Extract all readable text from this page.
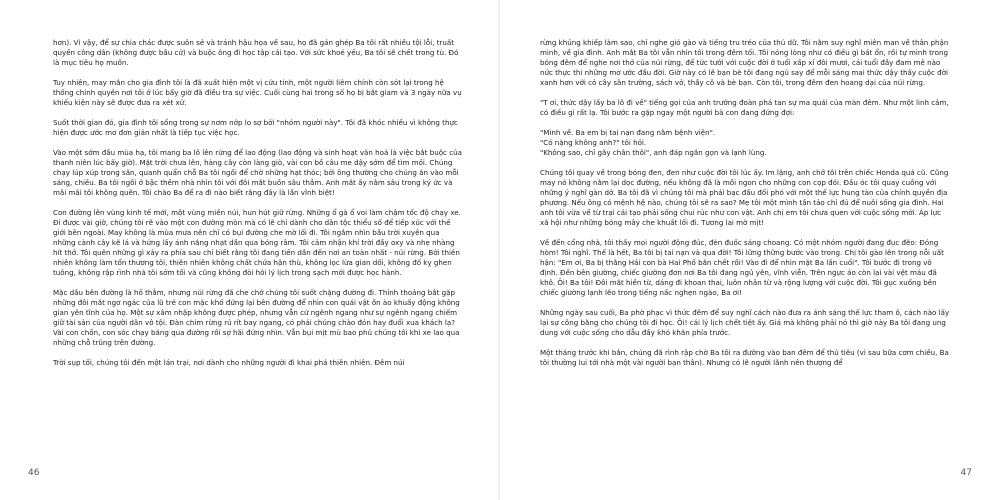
hơn). Vì vậy, để sự chia chác được suôn sẻ và tránh hậu họa về sau, họ đã gán ghép Ba tôi rất nhiều tội lỗi, truất quyền công dân (không được bầu cử) và buộc ông đi học tập cải tạo. Với sức khoẻ yếu, Ba tôi sẽ chết trong tù. Đó là mục tiêu họ muốn.

Tuy nhiên, may mắn cho gia đình tôi là đã xuất hiện một vị cứu tinh, một người liêm chính còn sót lại trong hệ thống chính quyền nơi tôi ở lúc bấy giờ đã điều tra sự việc. Cuối cùng hai trong số họ bị bắt giam và 3 ngày nữa vụ khiếu kiện này sẽ được đưa ra xét xử.

Suốt thời gian đó, gia đình tôi sống trong sự nơm nớp lo sợ bởi "nhóm người này". Tôi đã khóc nhiều vì không thực hiện được ước mơ đơn giản nhất là tiếp tục việc học.

Vào một sớm đầu mùa hạ, tôi mang ba lô lên rừng để lao động (lao động và sinh hoạt văn hoá là việc bắt buộc của thanh niên lúc bấy giờ). Mặt trời chưa lên, hàng cây còn làng giò, vài con bồ câu me dậy sớm để tìm mồi. Chúng chạy lúp xúp trong sân, quanh quẩn chỗ Ba tôi ngồi để chờ những hạt thóc; bởi ông thường cho chúng ăn vào mỗi sáng, chiều. Ba tôi ngồi ở bậc thềm nhà nhìn tôi với đôi mắt buồn sâu thẳm. Anh mắt ấy nằm sâu trong ký ức và mãi mãi tôi không quên. Tôi chào Ba để ra đi nào biết rằng đây là lần vĩnh biệt!

Con đường lên vùng kinh tế mới, một vùng miền núi, hun hút giữ rừng. Những ổ gà ổ voi làm chậm tốc độ chạy xe. Đi được vài giờ, chúng tôi rẽ vào một con đường mòn mà có lẽ chỉ dành cho dân tộc thiểu số để tiếp xúc với thế giới bên ngoài. May không là mùa mưa nên chỉ có bụi đường che mờ lối đi. Tôi ngắm nhìn bầu trời xuyên qua những cành cây kẽ lá và hứng lấy ánh nắng nhạt dần qua bóng râm. Tôi cảm nhận khí trời đầy oxy và nhẹ nhàng hít thở. Tôi quên những gì xảy ra phía sau chỉ biết rằng tôi đang tiến dần đến nơi an toàn nhất - núi rừng. Bởi thiên nhiên không làm tổn thương tôi, thiên nhiên không chất chứa hận thù, không lọc lừa gian dối, không đố kỵ ghen tuông, không rập rình nhà tôi sớm tối và cũng không đòi hỏi lý lịch trong sạch mới được học hành.

Mặc dầu bên đường là hố thẳm, nhưng núi rừng đã che chở chúng tôi suốt chặng đường đi. Thỉnh thoảng bắt gặp những đôi mắt ngơ ngác của lũ trẻ con mặc khố đứng lại bên đường để nhìn con quái vật ồn ào khuấy động không gian yên tĩnh của họ. Một sự xâm nhập không được phép, nhưng vẫn cứ ngênh ngang như sự ngênh ngang chiếm giữ tài sản của người dân vô tội. Đàn chim rừng rủ rỉt bay ngang, có phải chúng chào đón hay đuổi xua khách lạ? Vài con chồn, con sóc chạy băng qua đường rồi sợ hãi đứng nhìn. Vẫn bụi mịt mù bao phủ chúng tôi khi xe lao qua những chỗ trũng trên đường.

Trời sụp tối, chúng tôi đến một lán trại, nơi dành cho những người đi khai phá thiên nhiên. Đêm núi

46

rừng khủng khiếp làm sao, chỉ nghe gió gào và tiếng tru tréo của thú dữ. Tôi nằm suy nghĩ miên man về thân phận mình, về gia đình. Anh mắt Ba tôi vẫn nhìn tôi trong đêm tối. Tôi nóng lòng như có điều gì bất ổn, rồi tự mình trong bóng đêm để nghe nơi thở của núi rừng, để tức tưởi với cuộc đời ở tuổi xấp xỉ đôi mươi, cái tuổi đầy đam mê nào nức thực thi những mơ ước đầu đời. Giờ này có lẽ bạn bè tôi đang ngủ say để mỗi sáng mai thức dậy thấy cuộc đời xanh hơn với cỏ cây sân trường, sách vở, thầy cô và bè bạn. Còn tôi, trong đêm đen hoang dại của núi rừng.

"T ơi, thức dậy lấy ba lô đi về" tiếng gọi của anh trưởng đoàn phá tan sự ma quái của màn đêm. Như một linh cảm, có điều gì rất lạ. Tôi bước ra gặp ngay một người bà con đang đứng đợi:

"Mình về. Ba em bị tai nạn đang nằm bệnh viện".

"Có nặng không anh?" tôi hỏi.

"Không sao, chỉ gãy chân thôi", anh đáp ngắn gọn và lạnh lùng.

Chúng tôi quay về trong bóng đen, đen như cuộc đời tôi lúc ấy. Im lặng, anh chở tôi trên chiếc Honda quá cũ. Cũng may nó không nằm lại dọc đường, nếu không đã là mồi ngon cho những con cọp đói. Đầu óc tôi quay cuồng với những ý nghĩ gàn dở. Ba tôi đã vì chúng tôi mà phải bạc đầu đối phó với một thế lực hung tàn của chính quyền địa phương. Nếu ông có mệnh hệ nào, chúng tôi sẽ ra sao? Mẹ tôi một mình tần tảo chỉ đủ để nuôi sống gia đình. Hai anh tôi vừa về từ trại cải tạo phải sống chui rúc như con vật. Anh chị em tôi chưa quen với cuộc sống mới. Áp lực xã hội như những bóng mây che khuất lối đi. Tương lai mờ mịt!

Về đến cổng nhà, tôi thấy mọi người động đúc, đèn đuốc sáng choang. Có một nhóm người đang đục đẽo: Đóng hòm! Tôi nghĩ. Thế là hết, Ba tôi bị tai nạn và qua đời! Tôi lững thững bước vào trong. Chị tôi gào lên trong nỗi uất hận: "Em ơi, Ba bị thằng Hải con bà Hai Phố bắn chết rồi! Vào đi để nhìn mặt Ba lần cuối". Tôi bước đi trong vô định. Đến bên giường, chiếc giường đơn nơi Ba tôi đang ngủ yên, vĩnh viễn. Trên ngực áo còn lại vài vệt máu đã khô. Ôi! Ba tôi! Đôi mắt hiền từ, dáng đi khoan thai, luôn nhân từ và rộng lượng với cuộc đời. Tôi gục xuống bên chiếc giường lạnh lẽo trong tiếng nấc nghẹn ngào, Ba ơi!

Những ngày sau cuối, Ba phờ phạc vì thức đêm để suy nghĩ cách nào đưa ra ánh sáng thế lực tham ô, cách nào lấy lại sự công bằng cho chúng tôi đi học. Ôi! cái lý lịch chết tiệt ấy. Giá mà không phải nó thì giờ này Ba tôi đang ung dung với cuộc sống cho dẫu đầy khó khăn phía trước.

Một tháng trước khi bắn, chúng đã rình rập chờ Ba tôi ra đường vào ban đêm để thủ tiêu (vì sau bữa cơm chiều, Ba tôi thường lui tới nhà một vài người bạn thân). Nhưng có lẽ người lãnh nên thượng để

47
